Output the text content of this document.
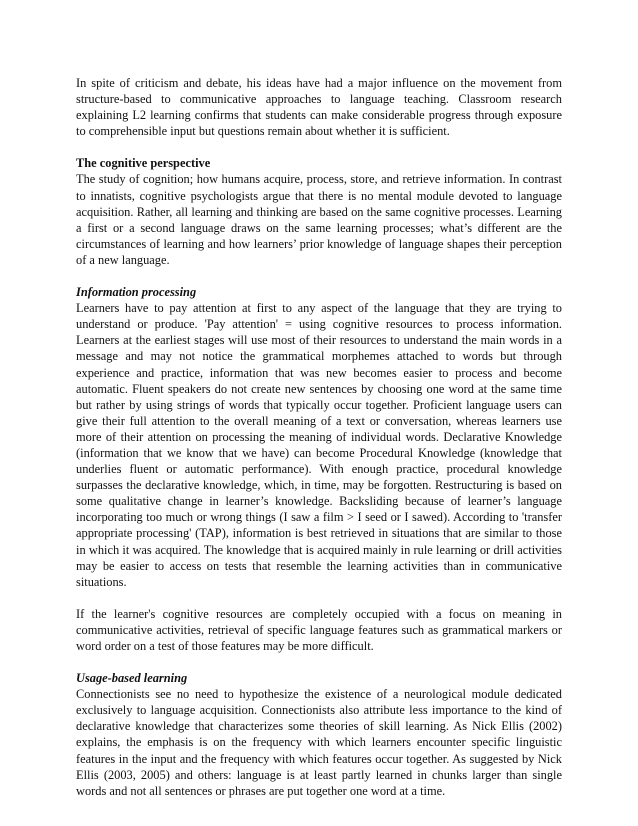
In spite of criticism and debate, his ideas have had a major influence on the movement from structure-based to communicative approaches to language teaching. Classroom research explaining L2 learning confirms that students can make considerable progress through exposure to comprehensible input but questions remain about whether it is sufficient.

The cognitive perspective

The study of cognition; how humans acquire, process, store, and retrieve information. In contrast to innatists, cognitive psychologists argue that there is no mental module devoted to language acquisition. Rather, all learning and thinking are based on the same cognitive processes. Learning a first or a second language draws on the same learning processes; what’s different are the circumstances of learning and how learners’ prior knowledge of language shapes their perception of a new language.

Information processing

Learners have to pay attention at first to any aspect of the language that they are trying to understand or produce. 'Pay attention' = using cognitive resources to process information. Learners at the earliest stages will use most of their resources to understand the main words in a message and may not notice the grammatical morphemes attached to words but through experience and practice, information that was new becomes easier to process and become automatic. Fluent speakers do not create new sentences by choosing one word at the same time but rather by using strings of words that typically occur together. Proficient language users can give their full attention to the overall meaning of a text or conversation, whereas learners use more of their attention on processing the meaning of individual words. Declarative Knowledge (information that we know that we have) can become Procedural Knowledge (knowledge that underlies fluent or automatic performance). With enough practice, procedural knowledge surpasses the declarative knowledge, which, in time, may be forgotten. Restructuring is based on some qualitative change in learner’s knowledge. Backsliding because of learner’s language incorporating too much or wrong things (I saw a film > I seed or I sawed). According to 'transfer appropriate processing' (TAP), information is best retrieved in situations that are similar to those in which it was acquired. The knowledge that is acquired mainly in rule learning or drill activities may be easier to access on tests that resemble the learning activities than in communicative situations.

If the learner's cognitive resources are completely occupied with a focus on meaning in communicative activities, retrieval of specific language features such as grammatical markers or word order on a test of those features may be more difficult.

Usage-based learning

Connectionists see no need to hypothesize the existence of a neurological module dedicated exclusively to language acquisition. Connectionists also attribute less importance to the kind of declarative knowledge that characterizes some theories of skill learning. As Nick Ellis (2002) explains, the emphasis is on the frequency with which learners encounter specific linguistic features in the input and the frequency with which features occur together. As suggested by Nick Ellis (2003, 2005) and others: language is at least partly learned in chunks larger than single words and not all sentences or phrases are put together one word at a time.
